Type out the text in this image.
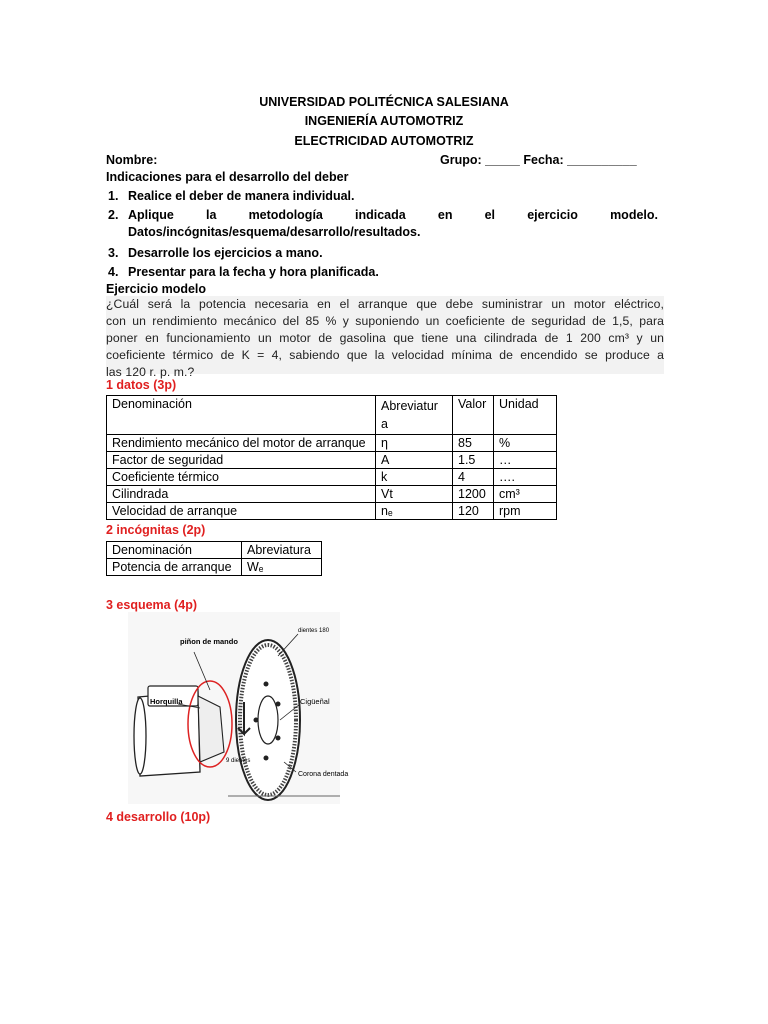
UNIVERSIDAD POLITÉCNICA SALESIANA
INGENIERÍA AUTOMOTRIZ
ELECTRICIDAD AUTOMOTRIZ
Nombre:	Grupo: _____ Fecha: __________
Indicaciones para el desarrollo del deber
1. Realice el deber de manera individual.
2. Aplique	la	metodología	indicada	en	el	ejercicio	modelo.
Datos/incógnitas/esquema/desarrollo/resultados.
3. Desarrolle los ejercicios a mano.
4. Presentar para la fecha y hora planificada.
Ejercicio modelo
¿Cuál será la potencia necesaria en el arranque que debe suministrar un motor eléctrico,
con un rendimiento mecánico del 85 % y suponiendo un coeficiente de seguridad de 1,5, para
poner en funcionamiento un motor de gasolina que tiene una cilindrada de 1 200 cm³ y un
coeficiente térmico de K = 4, sabiendo que la velocidad mínima de encendido se produce a
las 120 r. p. m.?
1 datos (3p)
Denominación	Abreviatur a	Valor	Unidad
Rendimiento mecánico del motor de arranque	η	85	%
Factor de seguridad	A	1.5	…
Coeficiente térmico	k	4	….
Cilindrada	Vt	1200	cm³
Velocidad de arranque	nₑ	120	rpm
2 incógnitas (2p)
Denominación	Abreviatura
Potencia de arranque	Wₑ
3 esquema (4p)
piñon de mando
Horquilla
dientes 180
Cigüeñal
9 dientes
Corona dentada
4 desarrollo (10p)
